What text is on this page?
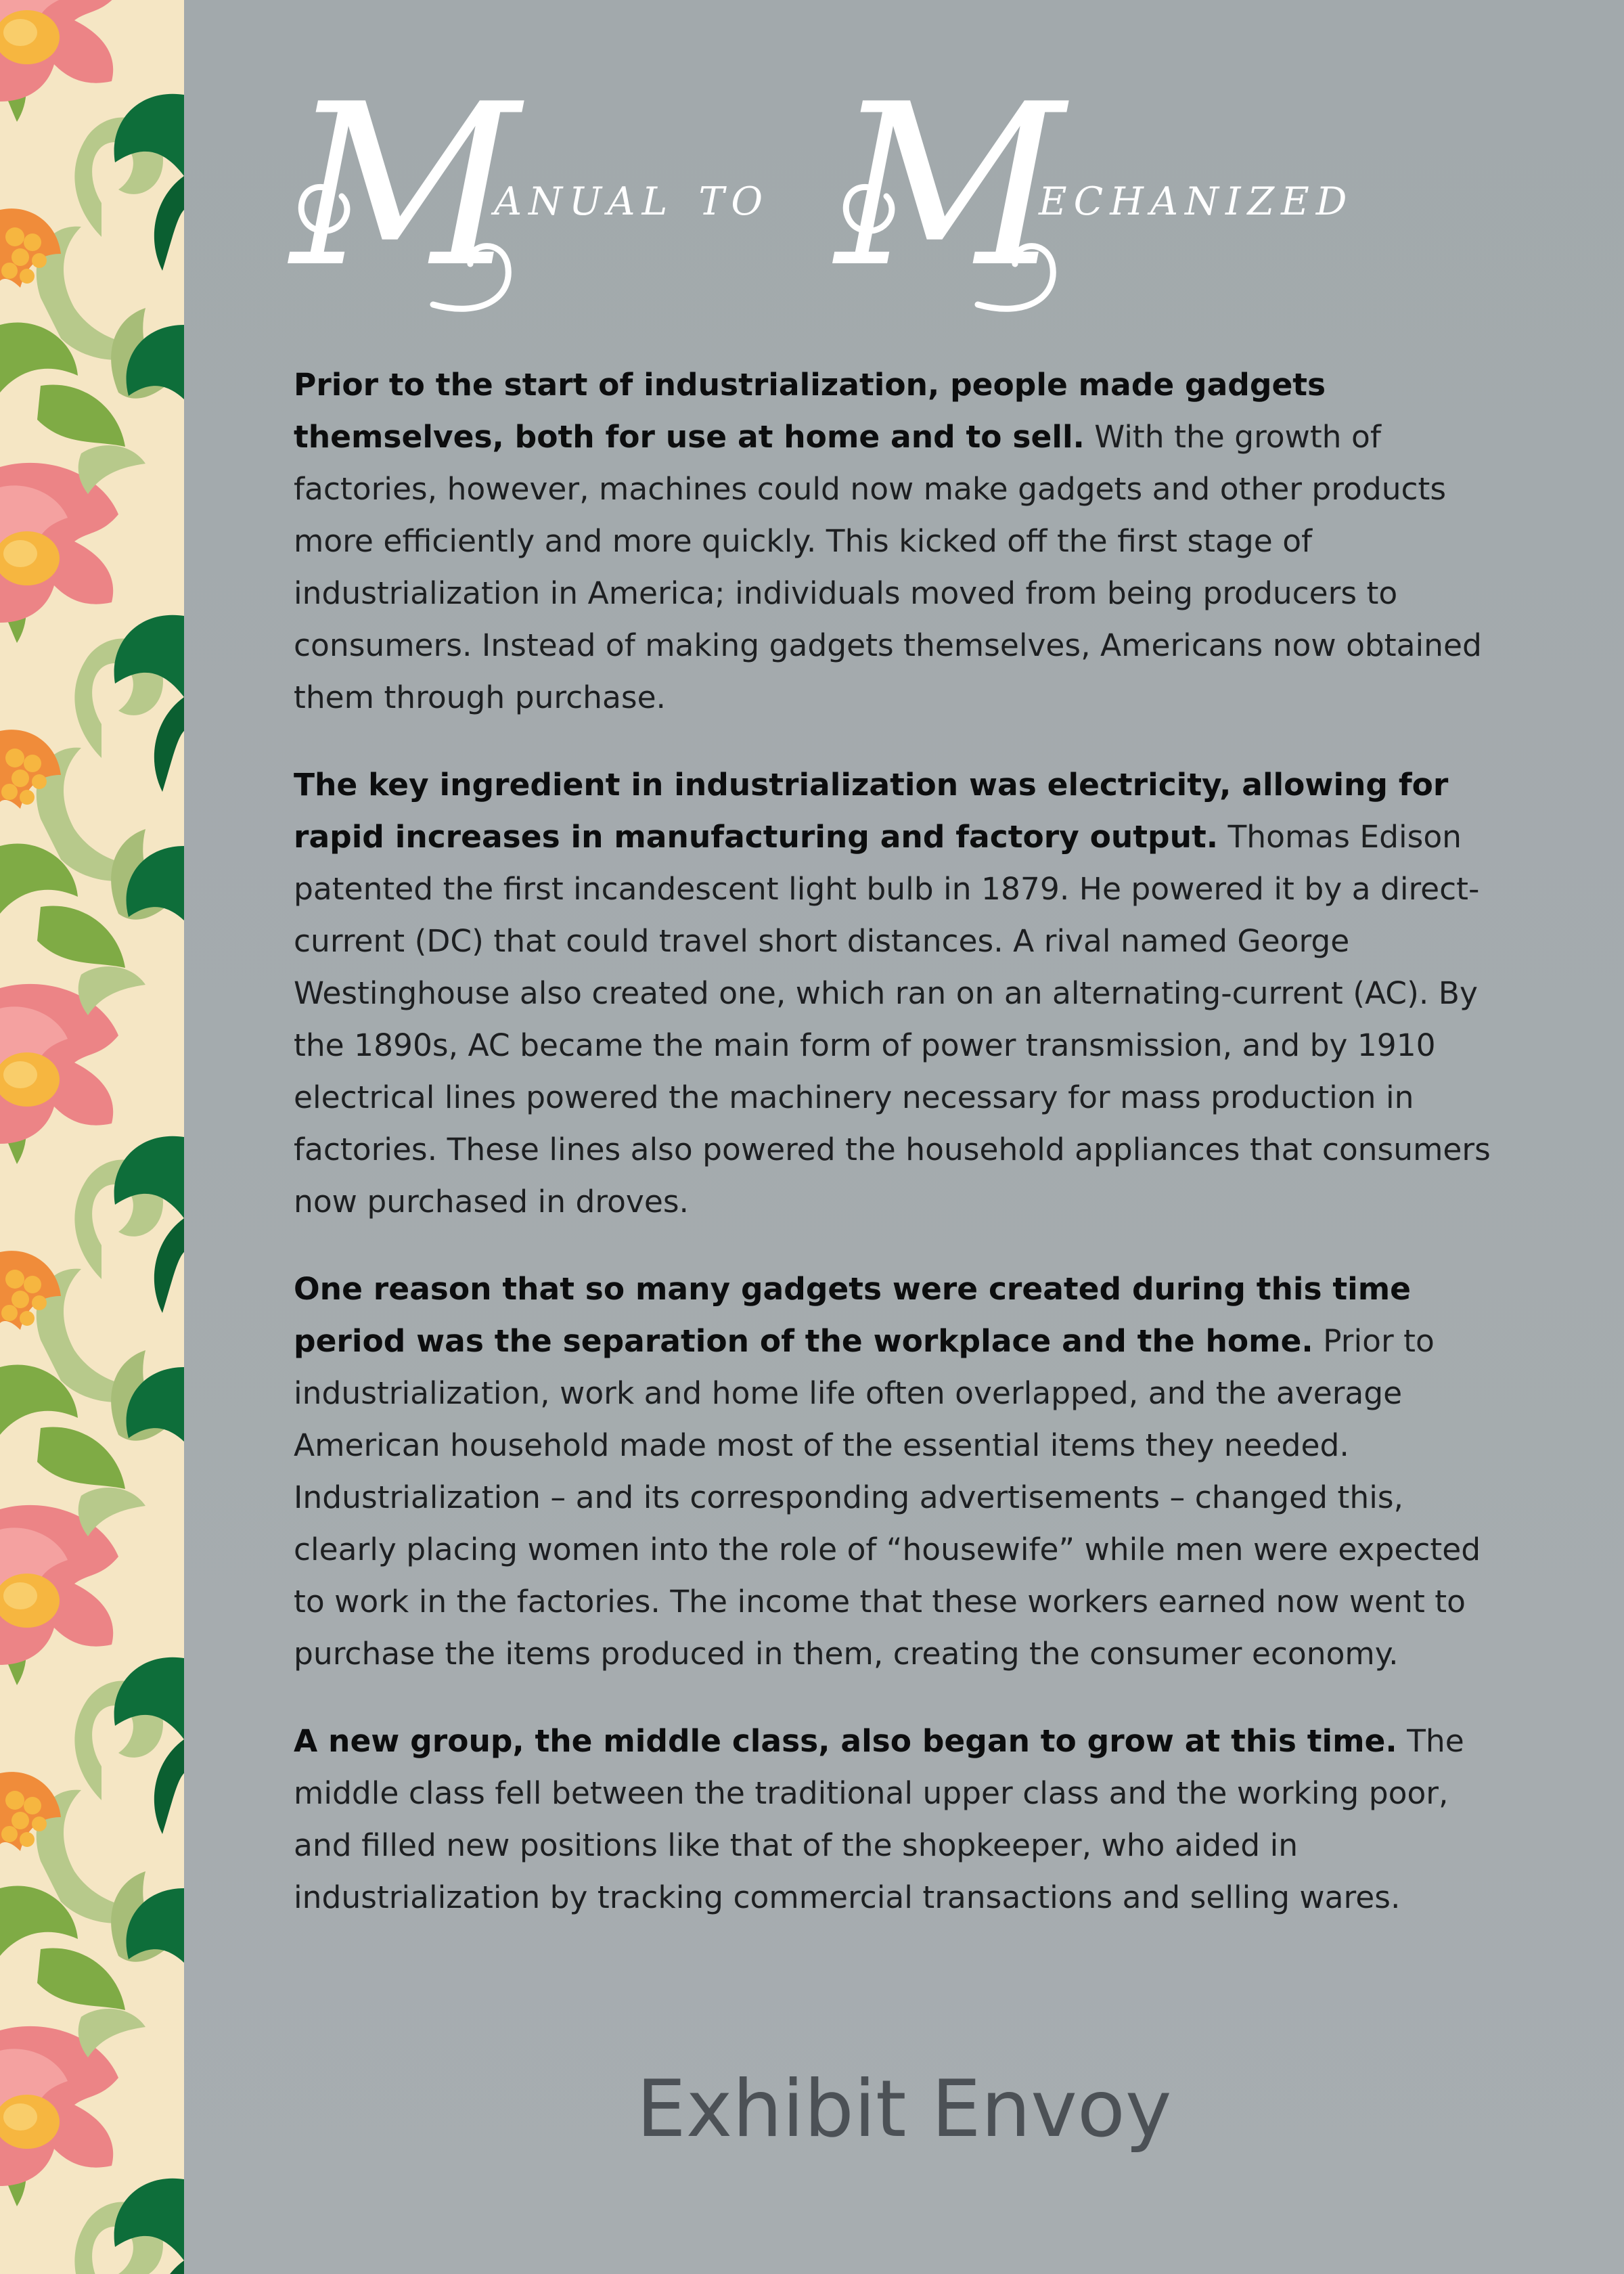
M
anual to M
echanized

Prior to the start of industrialization, people made gadgets themselves, both for use at home and to sell. With the growth of factories, however, machines could now make gadgets and other products more efficiently and more quickly. This kicked off the first stage of industrialization in America; individuals moved from being producers to consumers. Instead of making gadgets themselves, Americans now obtained them through purchase.

The key ingredient in industrialization was electricity, allowing for rapid increases in manufacturing and factory output. Thomas Edison patented the first incandescent light bulb in 1879. He powered it by a direct-current (DC) that could travel short distances. A rival named George Westinghouse also created one, which ran on an alternating-current (AC). By the 1890s, AC became the main form of power transmission, and by 1910 electrical lines powered the machinery necessary for mass production in factories. These lines also powered the household appliances that consumers now purchased in droves.

One reason that so many gadgets were created during this time period was the separation of the workplace and the home. Prior to industrialization, work and home life often overlapped, and the average American household made most of the essential items they needed. Industrialization – and its corresponding advertisements – changed this, clearly placing women into the role of “housewife” while men were expected to work in the factories. The income that these workers earned now went to purchase the items produced in them, creating the consumer economy.

A new group, the middle class, also began to grow at this time. The middle class fell between the traditional upper class and the working poor, and filled new positions like that of the shopkeeper, who aided in industrialization by tracking commercial transactions and selling wares.

Exhibit Envoy
